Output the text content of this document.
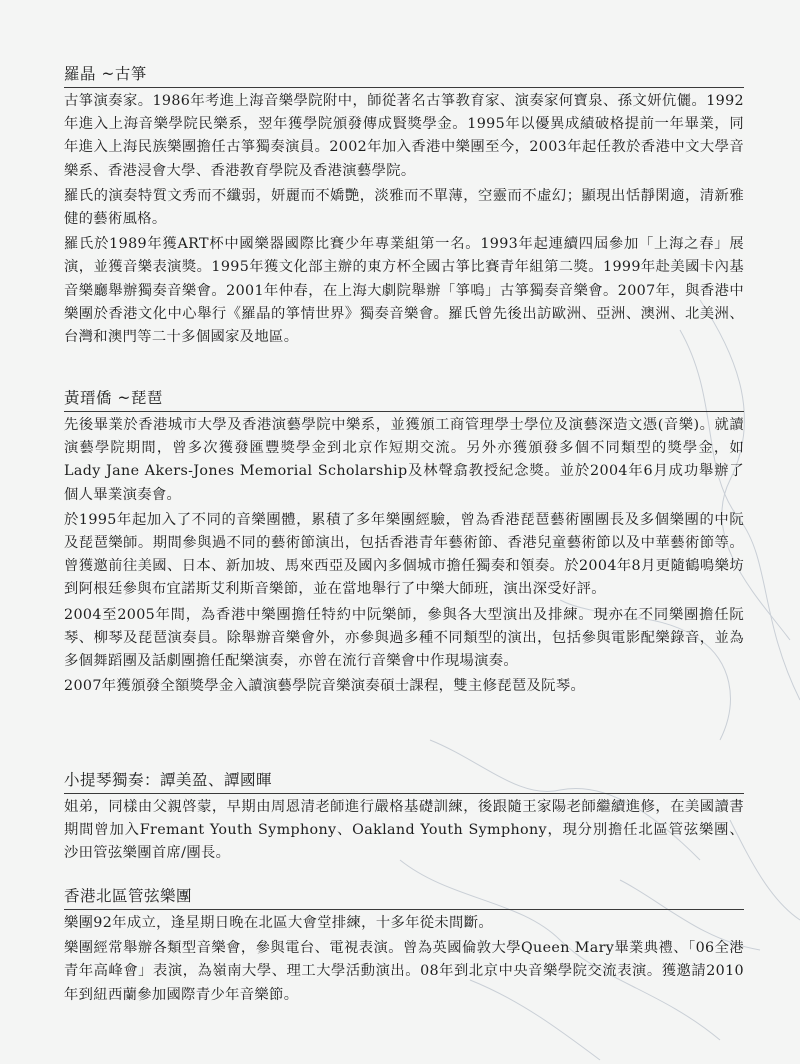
羅晶 ~古箏
古箏演奏家。1986年考進上海音樂學院附中，師從著名古箏教育家、演奏家何寶泉、孫文妍伉儷。1992年進入上海音樂學院民樂系，翌年獲學院頒發傳成賢獎學金。1995年以優異成績破格提前一年畢業，同年進入上海民族樂團擔任古箏獨奏演員。2002年加入香港中樂團至今，2003年起任教於香港中文大學音樂系、香港浸會大學、香港教育學院及香港演藝學院。
羅氏的演奏特質文秀而不纖弱，妍麗而不嬌艷，淡雅而不單薄，空靈而不虛幻；顯現出恬靜閑適，清新雅健的藝術風格。
羅氏於1989年獲ART杯中國樂器國際比賽少年專業組第一名。1993年起連續四屆參加「上海之春」展演，並獲音樂表演獎。1995年獲文化部主辦的東方杯全國古箏比賽青年組第二獎。1999年赴美國卡內基音樂廳舉辦獨奏音樂會。2001年仲春，在上海大劇院舉辦「箏鳴」古箏獨奏音樂會。2007年，與香港中樂團於香港文化中心舉行《羅晶的箏情世界》獨奏音樂會。羅氏曾先後出訪歐洲、亞洲、澳洲、北美洲、台灣和澳門等二十多個國家及地區。
黃瑨僑 ~琵琶
先後畢業於香港城市大學及香港演藝學院中樂系，並獲頒工商管理學士學位及演藝深造文憑(音樂)。就讀演藝學院期間，曾多次獲發匯豐獎學金到北京作短期交流。另外亦獲頒發多個不同類型的獎學金，如Lady Jane Akers-Jones Memorial Scholarship及林聲翕教授紀念獎。並於2004年6月成功舉辦了個人畢業演奏會。
於1995年起加入了不同的音樂團體，累積了多年樂團經驗，曾為香港琵琶藝術團團長及多個樂團的中阮及琵琶樂師。期間參與過不同的藝術節演出，包括香港青年藝術節、香港兒童藝術節以及中華藝術節等。曾獲邀前往美國、日本、新加坡、馬來西亞及國內多個城市擔任獨奏和領奏。於2004年8月更隨鶴鳴樂坊到阿根廷參與布宜諾斯艾利斯音樂節，並在當地舉行了中樂大師班，演出深受好評。
2004至2005年間，為香港中樂團擔任特約中阮樂師，參與各大型演出及排練。現亦在不同樂團擔任阮琴、柳琴及琵琶演奏員。除舉辦音樂會外，亦參與過多種不同類型的演出，包括參與電影配樂錄音，並為多個舞蹈團及話劇團擔任配樂演奏，亦曾在流行音樂會中作現場演奏。
2007年獲頒發全額獎學金入讀演藝學院音樂演奏碩士課程，雙主修琵琶及阮琴。
小提琴獨奏：譚美盈、譚國暉
姐弟，同樣由父親啓蒙，早期由周恩清老師進行嚴格基礎訓練，後跟隨王家陽老師繼續進修，在美國讀書期間曾加入Fremant Youth Symphony、Oakland Youth Symphony，現分別擔任北區管弦樂團、沙田管弦樂團首席/團長。
香港北區管弦樂團
樂團92年成立，逢星期日晚在北區大會堂排練，十多年從未間斷。
樂團經常舉辦各類型音樂會，參與電台、電視表演。曾為英國倫敦大學Queen Mary畢業典禮、「06全港青年高峰會」表演，為嶺南大學、理工大學活動演出。08年到北京中央音樂學院交流表演。獲邀請2010年到紐西蘭參加國際青少年音樂節。
